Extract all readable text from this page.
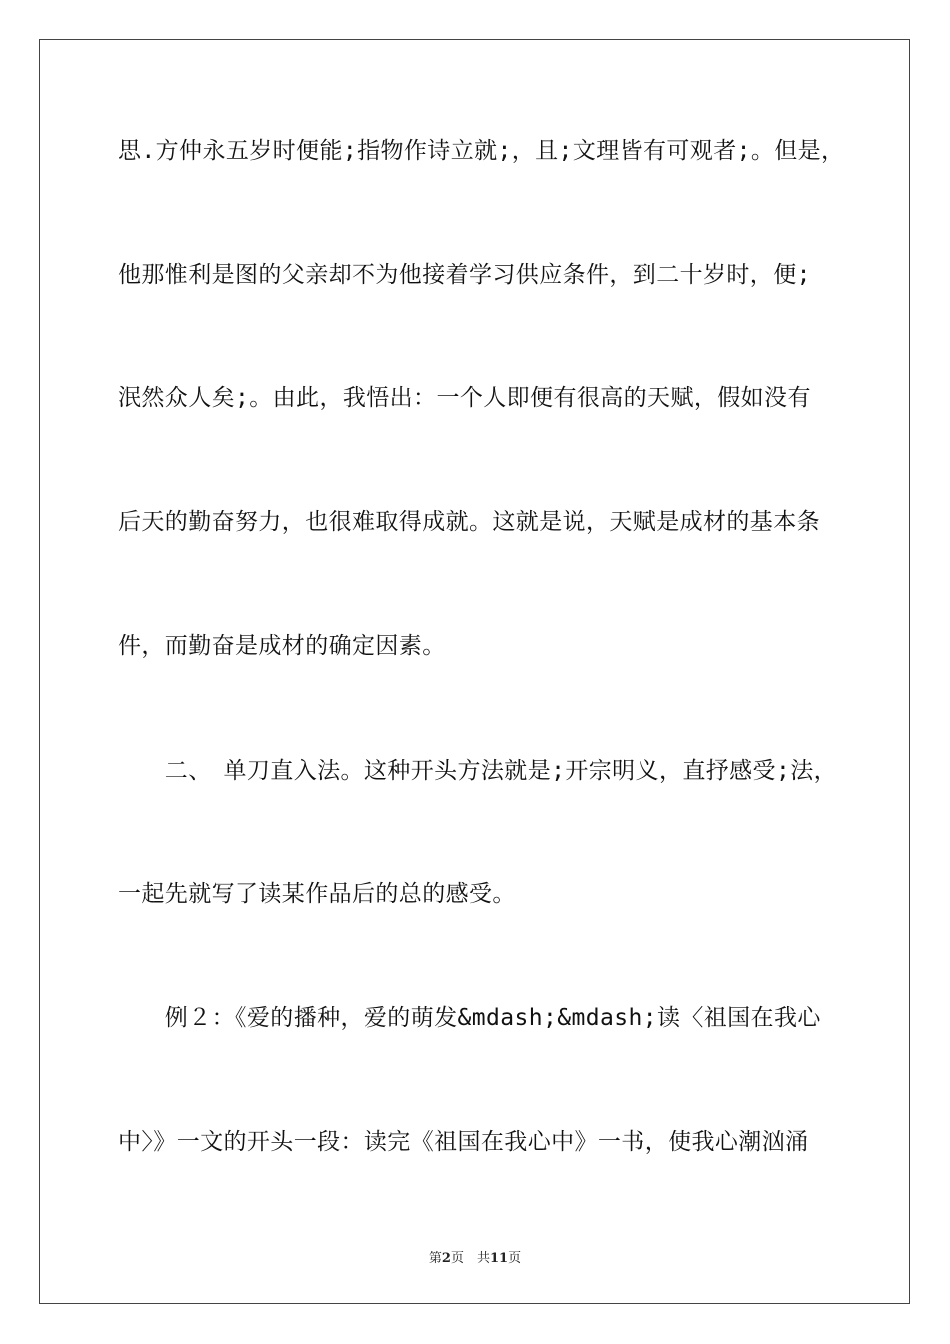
思.方仲永五岁时便能;指物作诗立就;，且;文理皆有可观者;。但是，
他那惟利是图的父亲却不为他接着学习供应条件，到二十岁时，便;
泯然众人矣;。由此，我悟出：一个人即便有很高的天赋，假如没有
后天的勤奋努力，也很难取得成就。这就是说，天赋是成材的基本条
件，而勤奋是成材的确定因素。
　　二、　单刀直入法。这种开头方法就是;开宗明义，直抒感受;法，
一起先就写了读某作品后的总的感受。
　　例２：《爱的播种，爱的萌发&mdash;&mdash;读〈祖国在我心
中〉》一文的开头一段：读完《祖国在我心中》一书，使我心潮汹涌
第2页　共11页
